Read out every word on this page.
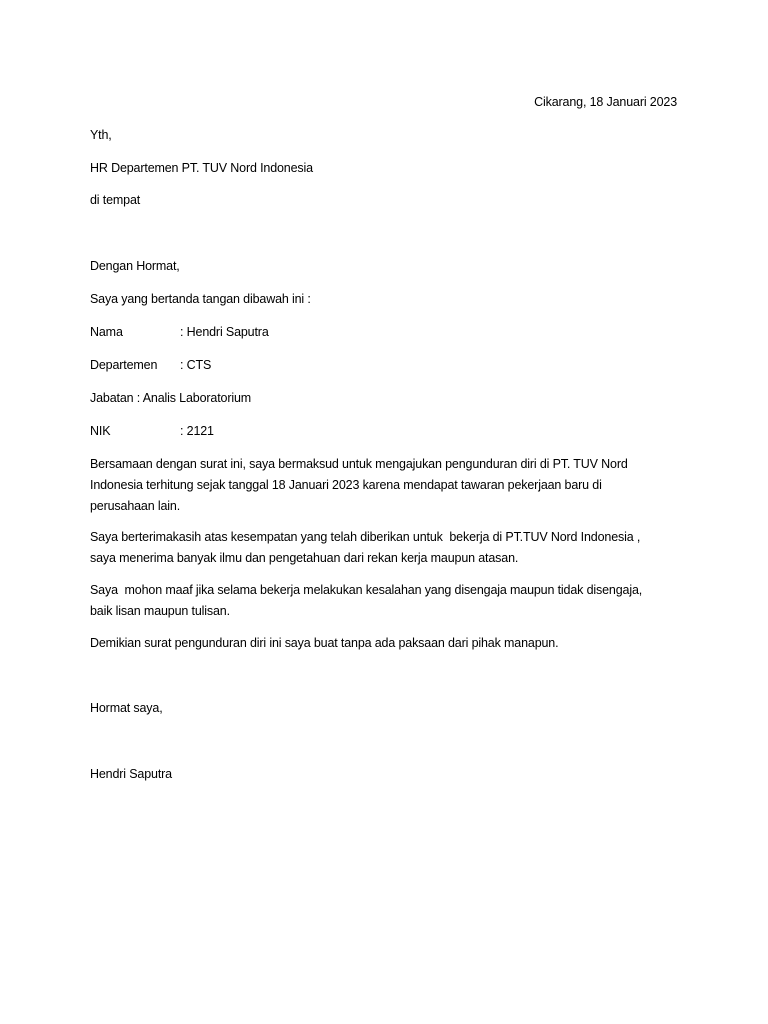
Cikarang, 18 Januari 2023
Yth,
HR Departemen PT. TUV Nord Indonesia
di tempat
Dengan Hormat,
Saya yang bertanda tangan dibawah ini :
Nama	: Hendri Saputra
Departemen : CTS
Jabatan : Analis Laboratorium
NIK	: 2121
Bersamaan dengan surat ini, saya bermaksud untuk mengajukan pengunduran diri di PT. TUV Nord
Indonesia terhitung sejak tanggal 18 Januari 2023 karena mendapat tawaran pekerjaan baru di
perusahaan lain.
Saya berterimakasih atas kesempatan yang telah diberikan untuk  bekerja di PT.TUV Nord Indonesia ,
saya menerima banyak ilmu dan pengetahuan dari rekan kerja maupun atasan.
Saya  mohon maaf jika selama bekerja melakukan kesalahan yang disengaja maupun tidak disengaja,
baik lisan maupun tulisan.
Demikian surat pengunduran diri ini saya buat tanpa ada paksaan dari pihak manapun.
Hormat saya,
Hendri Saputra
